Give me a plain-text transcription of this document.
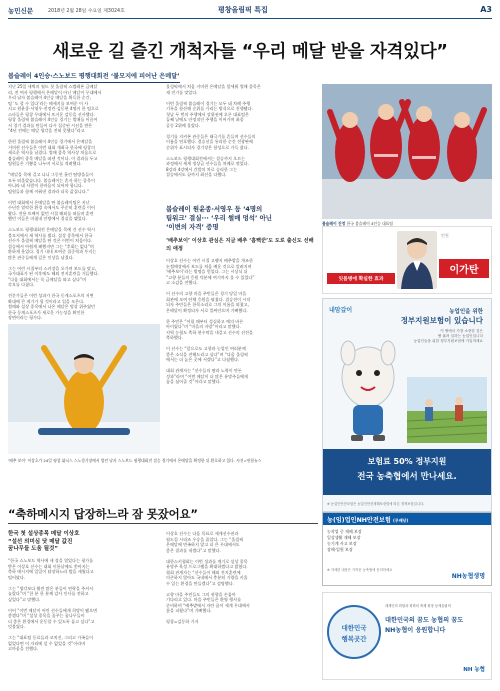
농민신문	2018년 2월 28일 수요일 제3024호	평창올림픽 특집	A3
새로운 길 즐긴 개척자들 “우리 메달 받을 자격있다”
봅슬레이 4인승·스노보드 평행대회전 ‘불모지에 피어난 은메달’
지난 25일 새벽의 월드 첫 올림픽 스켈레톤 금메달
리, 전 여자 평행에서 은메달이 아닌 메달이 무대에서
우리 남자 봅슬레이 4인승 메달을 획득한 순간,
팀 ‘도 할 수 있다’라는 메세지를 보여준 이 사
지고 원윤종·서영우·전정린·김동현 4명이 한 팀으로
스타들은 평창 무대에서 뜨거운 감동을 선사했다.
평창 올림픽 봅슬레이 4인승 경기는 썰매를 이끌어
서 경기 결과를 만들어 다시 집중된 시선을 받은
“4년 전에는 메달 생각을 전혀 못했다”라고
한편 올림픽 봅슬레이 4인승 경기에서 은메달을
거머쥔 선수들은 이번 대회 개최국 한국에 평창의
새로운 역사를 남겼다. 썰매 종목 역사상 처음으로
봅슬레이 종목 메달을 따낸 것이다. 이 결과를 두고
팀원들은 기쁨을 나누며 서로를 격려했다.
“메달을 목에 걸고 나니 그동안 흘린 땀방울들이
모두 떠올랐습니다. 봅슬레이는 혼자 하는 종목이
아니라 네 사람이 한마음이 되어야 합니다.
팀원들과 함께 이뤄낸 결과라 더욱 값집니다.”
이번 대회에서 은메달을 딴 봅슬레이팀은 지난
수년간 열악한 환경 속에서도 꾸준히 훈련을 이어
왔다. 전용 트랙이 없던 시절 해외를 떠돌며 훈련
했던 이들은 마침내 안방에서 결실을 맺었다.
스노보드 평행대회전 은메달을 목에 건 선수 역시
불모지에서 새 역사를 썼다. 설상 종목에서 한국
선수가 올림픽 메달을 딴 것은 이번이 처음이다.
결승에서 아쉽게 패했지만 그는 “후회는 없다”며
환하게 웃었다. 경기 내내 보여준 집중력과 투지는
많은 관중들에게 깊은 인상을 남겼다.
그는 어린 시절부터 스키장을 오가며 보드를 탔고,
국가대표가 된 이후에도 해외 전지훈련을 거듭했다.
“다음 대회에서는 꼭 금메달을 따고 싶다”며
각오를 다졌다.
전문가들은 이번 성과가 한국 동계스포츠의 저변
확대에 큰 계기가 될 것이라고 입을 모은다.
썰매와 설상 종목에서 나온 메달은 빙상 위주였던
한국 동계스포츠가 새로운 가능성을 확인한
장면이라는 평가다.
올림픽에서 처음 거머쥔 은메달을 앞세워 썰매 종목은
새 전기를 맞았다.
이번 올림픽 봅슬레이 경기는 모두 네 차례 주행
기록을 합산해 순위를 가리는 방식으로 진행됐다.
첫날 두 번의 주행에서 상위권에 오른 대표팀은
둘째 날에도 안정적인 주행을 이어가며 최종
공동 2위에 올랐다.
경기를 지켜본 관중들은 태극기를 흔들며 선수들의
이름을 연호했다. 결승선을 통과한 순간 전광판에
순위가 표시되자 경기장은 함성으로 가득 찼다.
스노보드 평행대회전에서는 결승까지 오르는
과정에서 세계 정상급 선수들을 차례로 꺾었다.
8강과 4강에서 간발의 차로 승리한 그는
결승에서도 끝까지 최선을 다했다.
봅슬레이 원윤종·서영우 등 ‘4명의
팀워크’ 결실··· ‘우리 썰매 멍석’ 아닌
‘이변의 자격’ 증명
‘배추보이’ 이상호 관심은 지금 배추 ‘흠뻑꾼’도 도로 출신도 선배의 애정
이상호 선수는 어린 시절 고랭지 배추밭을 개조한
눈썰매장에서 보드를 처음 배운 것으로 알려지며
‘배추보이’라는 별명을 얻었다. 그는 시상식 뒤
“고향 분들의 응원 덕분에 여기까지 올 수 있었다”
고 소감을 전했다.
이 선수의 고향 마을 주민들은 경기 당일 마을
회관에 모여 단체 응원을 펼쳤다. 결승전이 시작
되자 주민들은 한목소리로 그의 이름을 외쳤고,
은메달이 확정되자 서로 얼싸안으며 기뻐했다.
한 주민은 “어릴 때부터 성실하고 예의 바른
아이였다”며 “마을의 자랑”이라고 말했다.
지역 농협도 축하 현수막을 내걸고 선수의 선전을
축하했다.
이 선수는 “앞으로도 고향과 농업인 여러분께
좋은 소식을 전해드리고 싶다”며 “다음 올림픽
에서는 더 높은 곳에 서겠다”고 다짐했다.
대회 관계자는 “선수들의 땀과 노력이 만든
성과”라며 “이번 메달이 더 많은 유망주들에게
꿈을 심어줄 것”이라고 말했다.
봅슬레이 진정 한국 봅슬레이 4인승 대표팀
인천
잇몸병에 확실한 효과
이가탄
내맘갚이	농업인을 위한
정부지원보험이 있습니다
이 땅에서 가장 소중한 것은
땀 흘려 일하는 농업인입니다
농업인들을 위한 정부지원보험에 가입하세요
보험료 50% 정부지원
전국 농축협에서 만나세요.
※ 농업인안전보험은 농업인안전재해보장법에 따른 정책보험입니다.
농(임)업인NH안전보험 (무배당)
농작업 중 재해 보장
일상생활 재해 보장
농기계 사고 보장
장해·입원 보장
※ 자세한 내용은 가까운 농축협에 문의하세요
NH농협생명
대한민국
행복곳간
세계인의 화합과 평화의 축제 평창 동계올림픽
대한민국의 꿈도 농협의 꿈도
NH농협이 응원합니다
NH 농협
‘배추 보이’ 이상호가 24일 평창 휘닉스 스노경기장에서 열린 남자 스노보드 평행대회전 결승 경기에서 은메달을 확정한 뒤 환호하고 있다. 사진=연합뉴스
“축하메시지 답장하느라 잠 못잤어요”
한국 첫 설상종목 메달 이상호
“설선 의미심 닷 메달 값진
꿈나무들 도움 될것”
“한국 스노보드 역사에 새 장을 열었다는 평가를
받은 이상호 선수는 대회 이튿날에도 쏟아지는
축하 메시지에 일일이 답장하느라 밤을 새웠다고
털어놨다.
그는 “생각보다 훨씬 많은 분들이 연락을 주셔서
놀랐다”며 “한 분 한 분께 감사 인사를 전하고
싶었다”고 말했다.
이어 “이번 메달이 어린 선수들에게 희망이 됐으면
좋겠다”며 “설상 종목을 꿈꾸는 꿈나무들이
더 좋은 환경에서 운동할 수 있도록 돕고 싶다”고
덧붙였다.
그는 “대표팀 동료들과 코치진, 그리고 가족들이
없었다면 이 자리에 설 수 없었을 것”이라며
고마움을 전했다.
이상호 선수는 다음 목표로 세계선수권과
월드컵 시리즈 우승을 꼽았다. 그는 “올림픽
은메달에 만족하지 않고 더 큰 무대에서도
좋은 결과를 내겠다”고 말했다.
대한스키협회는 이번 성과를 계기로 설상 종목
유망주 육성 프로그램을 확대하겠다고 밝혔다.
협회 관계자는 “선수들이 해외 전지훈련에
의존하지 않아도 국내에서 충분히 기량을 키울
수 있는 환경을 만들겠다”고 설명했다.
고향 마을 주민들도 그의 귀향을 손꼽아
기다리고 있다. 마을 주민들은 환영 행사를
준비하며 “배추밭에서 자란 꿈이 세계 무대에서
꽃을 피웠다”며 기뻐했다.
평창=김동하 기자
